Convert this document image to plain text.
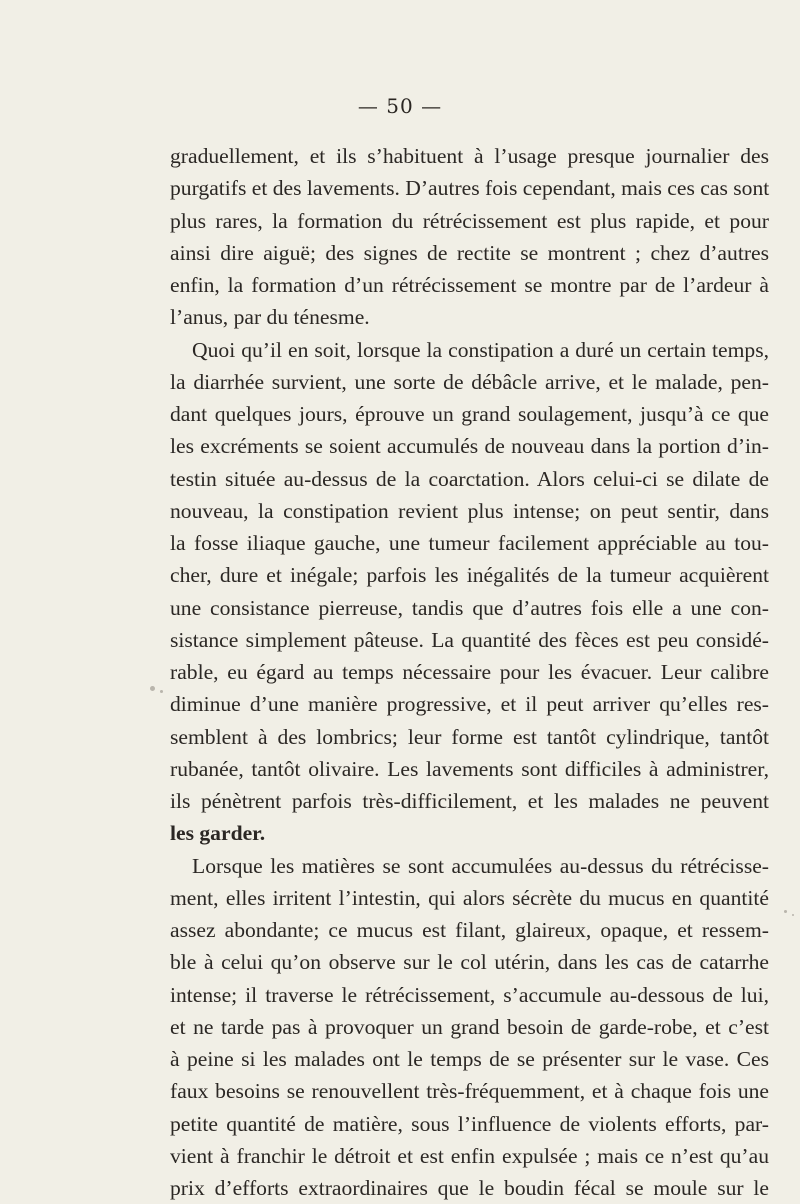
— 50 —
graduellement, et ils s’habituent à l’usage presque journalier des
purgatifs et des lavements. D’autres fois cependant, mais ces cas sont
plus rares, la formation du rétrécissement est plus rapide, et pour
ainsi dire aiguë; des signes de rectite se montrent ; chez d’autres
enfin, la formation d’un rétrécissement se montre par de l’ardeur à
l’anus, par du ténesme.
Quoi qu’il en soit, lorsque la constipation a duré un certain temps,
la diarrhée survient, une sorte de débâcle arrive, et le malade, pen-
dant quelques jours, éprouve un grand soulagement, jusqu’à ce que
les excréments se soient accumulés de nouveau dans la portion d’in-
testin située au-dessus de la coarctation. Alors celui-ci se dilate de
nouveau, la constipation revient plus intense; on peut sentir, dans
la fosse iliaque gauche, une tumeur facilement appréciable au tou-
cher, dure et inégale; parfois les inégalités de la tumeur acquièrent
une consistance pierreuse, tandis que d’autres fois elle a une con-
sistance simplement pâteuse. La quantité des fèces est peu considé-
rable, eu égard au temps nécessaire pour les évacuer. Leur calibre
diminue d’une manière progressive, et il peut arriver qu’elles res-
semblent à des lombrics; leur forme est tantôt cylindrique, tantôt
rubanée, tantôt olivaire. Les lavements sont difficiles à administrer,
ils pénètrent parfois très-difficilement, et les malades ne peuvent
les garder.
Lorsque les matières se sont accumulées au-dessus du rétrécisse-
ment, elles irritent l’intestin, qui alors sécrète du mucus en quantité
assez abondante; ce mucus est filant, glaireux, opaque, et ressem-
ble à celui qu’on observe sur le col utérin, dans les cas de catarrhe
intense; il traverse le rétrécissement, s’accumule au-dessous de lui,
et ne tarde pas à provoquer un grand besoin de garde-robe, et c’est
à peine si les malades ont le temps de se présenter sur le vase. Ces
faux besoins se renouvellent très-fréquemment, et à chaque fois une
petite quantité de matière, sous l’influence de violents efforts, par-
vient à franchir le détroit et est enfin expulsée ; mais ce n’est qu’au
prix d’efforts extraordinaires que le boudin fécal se moule sur le
